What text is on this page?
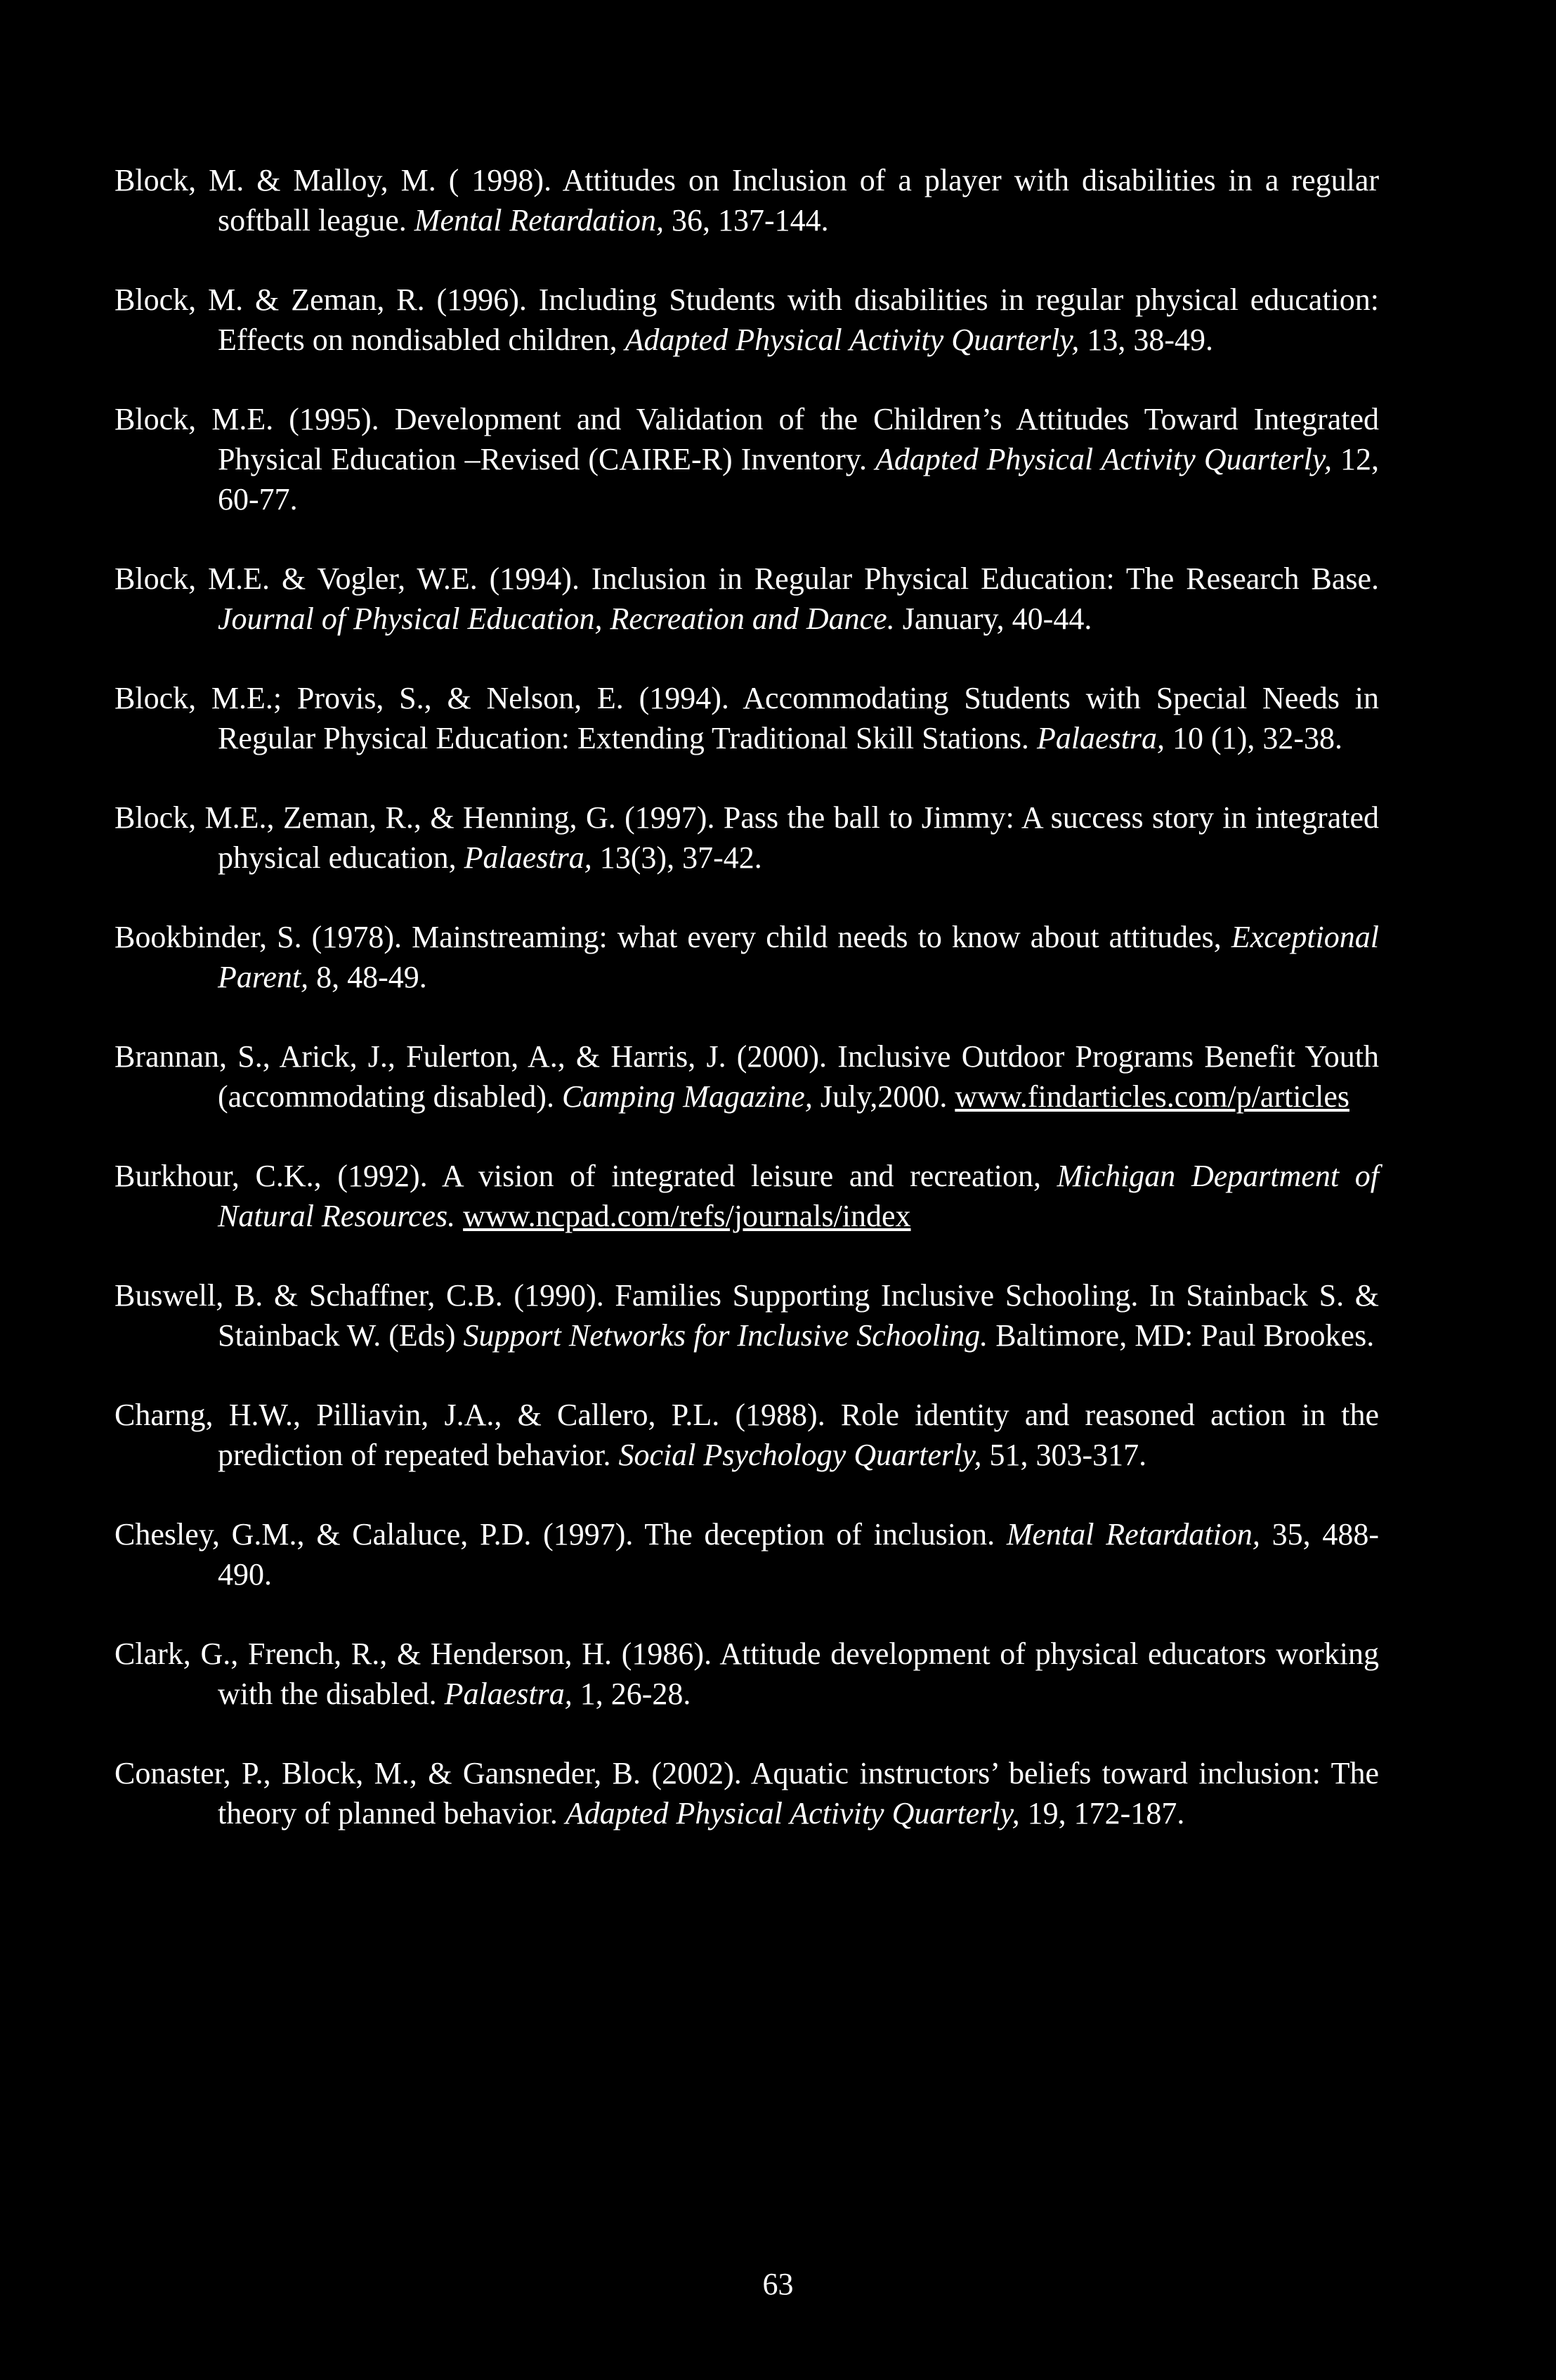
Block, M. & Malloy, M. ( 1998). Attitudes on Inclusion of a player with disabilities in a regular softball league. Mental Retardation, 36, 137-144.
Block, M. & Zeman, R. (1996). Including Students with disabilities in regular physical education: Effects on nondisabled children, Adapted Physical Activity Quarterly, 13, 38-49.
Block, M.E. (1995). Development and Validation of the Children’s Attitudes Toward Integrated Physical Education –Revised (CAIRE-R) Inventory. Adapted Physical Activity Quarterly, 12, 60-77.
Block, M.E. & Vogler, W.E. (1994). Inclusion in Regular Physical Education: The Research Base. Journal of Physical Education, Recreation and Dance. January, 40-44.
Block, M.E.; Provis, S., & Nelson, E. (1994). Accommodating Students with Special Needs in Regular Physical Education: Extending Traditional Skill Stations. Palaestra, 10 (1), 32-38.
Block, M.E., Zeman, R., & Henning, G. (1997). Pass the ball to Jimmy: A success story in integrated physical education, Palaestra, 13(3), 37-42.
Bookbinder, S. (1978). Mainstreaming: what every child needs to know about attitudes, Exceptional Parent, 8, 48-49.
Brannan, S., Arick, J., Fulerton, A., & Harris, J. (2000). Inclusive Outdoor Programs Benefit Youth (accommodating disabled). Camping Magazine, July,2000. www.findarticles.com/p/articles
Burkhour, C.K., (1992). A vision of integrated leisure and recreation, Michigan Department of Natural Resources. www.ncpad.com/refs/journals/index
Buswell, B. & Schaffner, C.B. (1990). Families Supporting Inclusive Schooling. In Stainback S. & Stainback W. (Eds) Support Networks for Inclusive Schooling. Baltimore, MD: Paul Brookes.
Charng, H.W., Pilliavin, J.A., & Callero, P.L. (1988). Role identity and reasoned action in the prediction of repeated behavior. Social Psychology Quarterly, 51, 303-317.
Chesley, G.M., & Calaluce, P.D. (1997). The deception of inclusion. Mental Retardation, 35, 488-490.
Clark, G., French, R., & Henderson, H. (1986). Attitude development of physical educators working with the disabled. Palaestra, 1, 26-28.
Conaster, P., Block, M., & Gansneder, B. (2002). Aquatic instructors’ beliefs toward inclusion: The theory of planned behavior. Adapted Physical Activity Quarterly, 19, 172-187.
63
